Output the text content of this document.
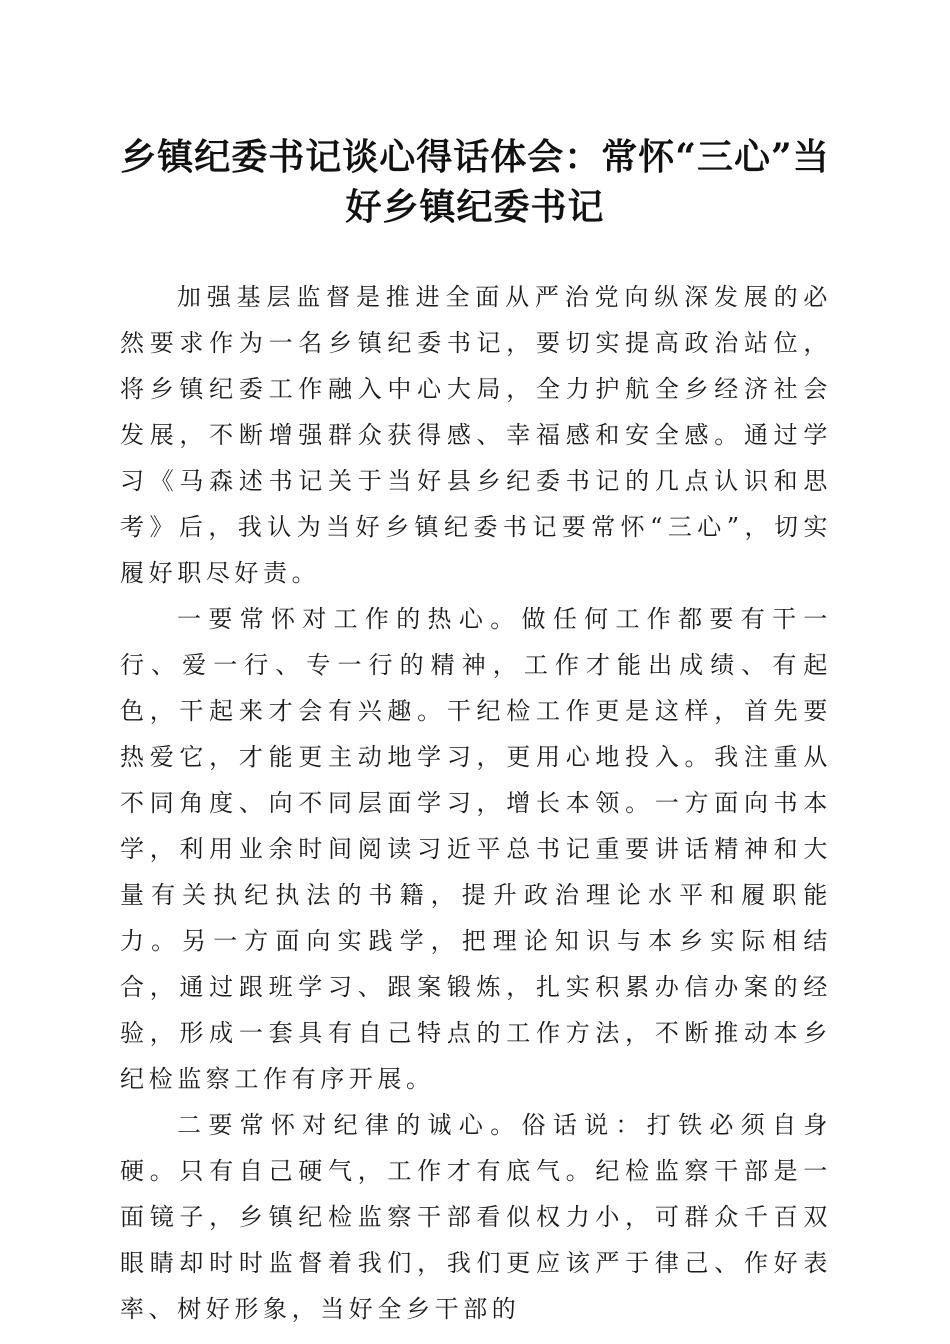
乡镇纪委书记谈心得话体会：常怀“三心”当好乡镇纪委书记

加强基层监督是推进全面从严治党向纵深发展的必然要求作为一名乡镇纪委书记，要切实提高政治站位，将乡镇纪委工作融入中心大局，全力护航全乡经济社会发展，不断增强群众获得感、幸福感和安全感。通过学习《马森述书记关于当好县乡纪委书记的几点认识和思考》后，我认为当好乡镇纪委书记要常怀“三心”，切实履好职尽好责。

一要常怀对工作的热心。做任何工作都要有干一行、爱一行、专一行的精神，工作才能出成绩、有起色，干起来才会有兴趣。干纪检工作更是这样，首先要热爱它，才能更主动地学习，更用心地投入。我注重从不同角度、向不同层面学习，增长本领。一方面向书本学，利用业余时间阅读习近平总书记重要讲话精神和大量有关执纪执法的书籍，提升政治理论水平和履职能力。另一方面向实践学，把理论知识与本乡实际相结合，通过跟班学习、跟案锻炼，扎实积累办信办案的经验，形成一套具有自己特点的工作方法，不断推动本乡纪检监察工作有序开展。

二要常怀对纪律的诚心。俗话说：打铁必须自身硬。只有自己硬气，工作才有底气。纪检监察干部是一面镜子，乡镇纪检监察干部看似权力小，可群众千百双眼睛却时时监督着我们，我们更应该严于律己、作好表率、树好形象，当好全乡干部的
